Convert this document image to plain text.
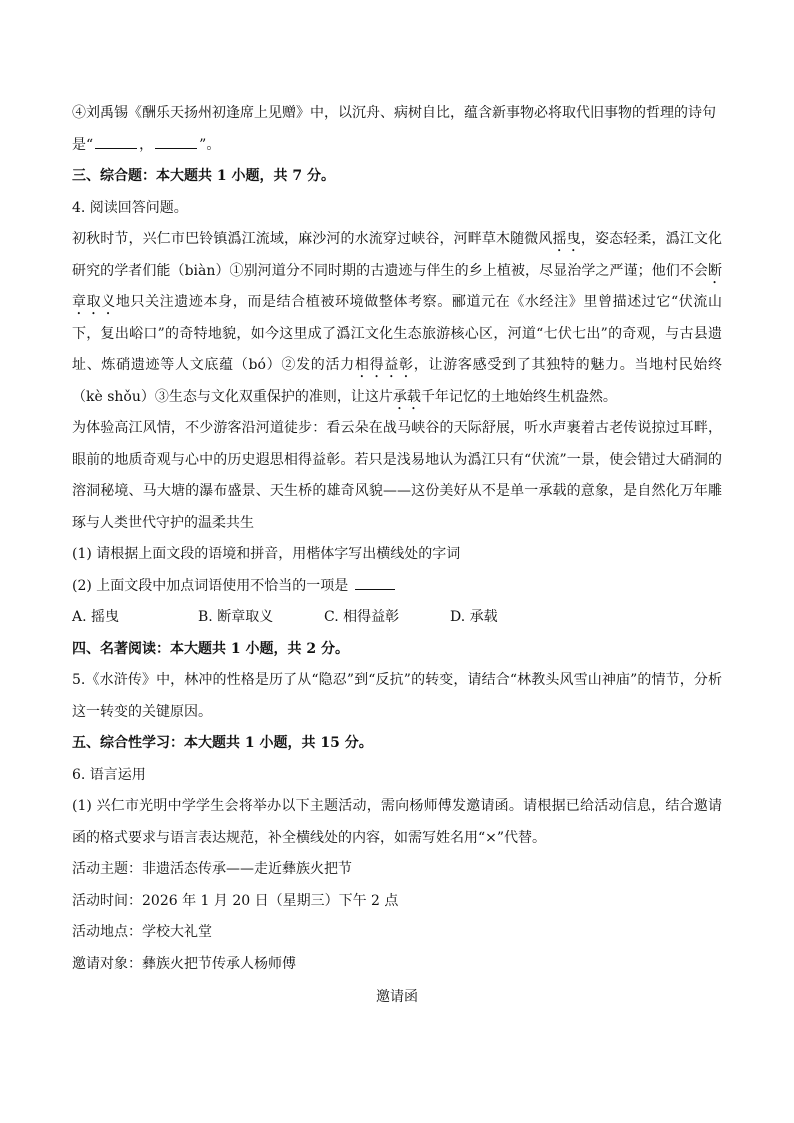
④刘禹锡《酬乐天扬州初逢席上见赠》中，以沉舟、病树自比，蕴含新事物必将取代旧事物的哲理的诗句
是“	，	”。

三、综合题：本大题共 1 小题，共 7 分。

4. 阅读回答问题。

初秋时节，兴仁市巴铃镇潙江流域，麻沙河的水流穿过峡谷，河畔草木随微风摇曳，姿态轻柔，潙江文化研究的学者们能（biàn）①别河道分不同时期的古遗迹与伴生的乡上植被，尽显治学之严谨；他们不会断章取义地只关注遗迹本身，而是结合植被环境做整体考察。郦道元在《水经注》里曾描述过它“伏流山下，复出峪口”的奇特地貌，如今这里成了潙江文化生态旅游核心区，河道“七伏七出”的奇观，与古县遗址、炼硝遗迹等人文底蕴（bó）②发的活力相得益彰，让游客感受到了其独特的魅力。当地村民始终（kè shǒu）③生态与文化双重保护的准则，让这片承载千年记忆的土地始终生机盎然。

为体验高江风情，不少游客沿河道徒步：看云朵在战马峡谷的天际舒展，听水声裹着古老传说掠过耳畔，眼前的地质奇观与心中的历史遐思相得益彰。若只是浅易地认为潙江只有“伏流”一景，使会错过大硝洞的溶洞秘境、马大塘的瀑布盛景、天生桥的雄奇风貌——这份美好从不是单一承载的意象，是自然化万年雕琢与人类世代守护的温柔共生

(1) 请根据上面文段的语境和拼音，用楷体字写出横线处的字词

(2) 上面文段中加点词语使用不恰当的一项是

A. 摇曳	B. 断章取义	C. 相得益彰	D. 承载

四、名著阅读：本大题共 1 小题，共 2 分。

5.《水浒传》中，林冲的性格是历了从“隐忍”到“反抗”的转变，请结合“林教头风雪山神庙”的情节，分析这一转变的关键原因。

五、综合性学习：本大题共 1 小题，共 15 分。

6. 语言运用

(1) 兴仁市光明中学学生会将举办以下主题活动，需向杨师傅发邀请函。请根据已给活动信息，结合邀请函的格式要求与语言表达规范，补全横线处的内容，如需写姓名用“×”代替。

活动主题：非遗活态传承——走近彝族火把节

活动时间：2026 年 1 月 20 日（星期三）下午 2 点

活动地点：学校大礼堂

邀请对象：彝族火把节传承人杨师傅

邀请函
